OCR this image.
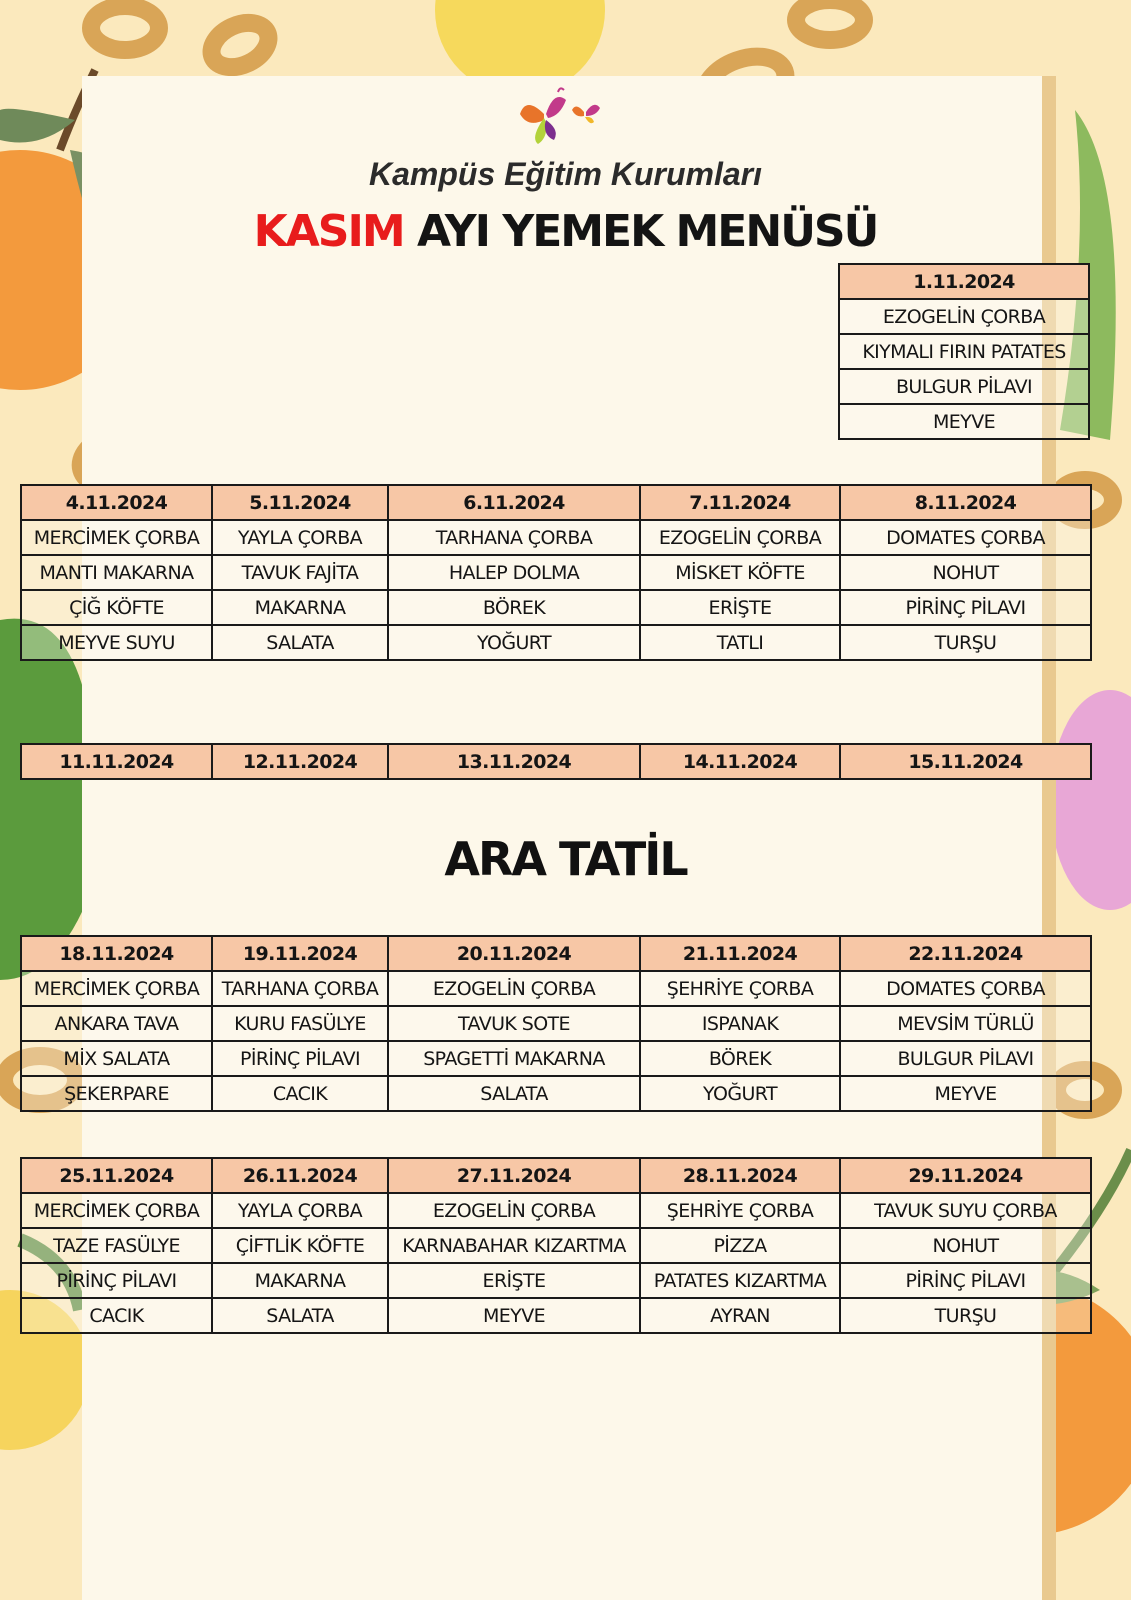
Kampüs Eğitim Kurumları
KASIM AYI YEMEK MENÜSÜ
1.11.2024
EZOGELİN ÇORBA
KIYMALI FIRIN PATATES
BULGUR PİLAVI
MEYVE
4.11.2024	5.11.2024	6.11.2024	7.11.2024	8.11.2024
MERCİMEK ÇORBA	YAYLA ÇORBA	TARHANA ÇORBA	EZOGELİN ÇORBA	DOMATES ÇORBA
MANTI MAKARNA	TAVUK FAJİTA	HALEP DOLMA	MİSKET KÖFTE	NOHUT
ÇİĞ KÖFTE	MAKARNA	BÖREK	ERİŞTE	PİRİNÇ PİLAVI
MEYVE SUYU	SALATA	YOĞURT	TATLI	TURŞU
11.11.2024	12.11.2024	13.11.2024	14.11.2024	15.11.2024
ARA TATİL
18.11.2024	19.11.2024	20.11.2024	21.11.2024	22.11.2024
MERCİMEK ÇORBA	TARHANA ÇORBA	EZOGELİN ÇORBA	ŞEHRİYE ÇORBA	DOMATES ÇORBA
ANKARA TAVA	KURU FASÜLYE	TAVUK SOTE	ISPANAK	MEVSİM TÜRLÜ
MİX SALATA	PİRİNÇ PİLAVI	SPAGETTİ MAKARNA	BÖREK	BULGUR PİLAVI
ŞEKERPARE	CACIK	SALATA	YOĞURT	MEYVE
25.11.2024	26.11.2024	27.11.2024	28.11.2024	29.11.2024
MERCİMEK ÇORBA	YAYLA ÇORBA	EZOGELİN ÇORBA	ŞEHRİYE ÇORBA	TAVUK SUYU ÇORBA
TAZE FASÜLYE	ÇİFTLİK KÖFTE	KARNABAHAR KIZARTMA	PİZZA	NOHUT
PİRİNÇ PİLAVI	MAKARNA	ERİŞTE	PATATES KIZARTMA	PİRİNÇ PİLAVI
CACIK	SALATA	MEYVE	AYRAN	TURŞU
